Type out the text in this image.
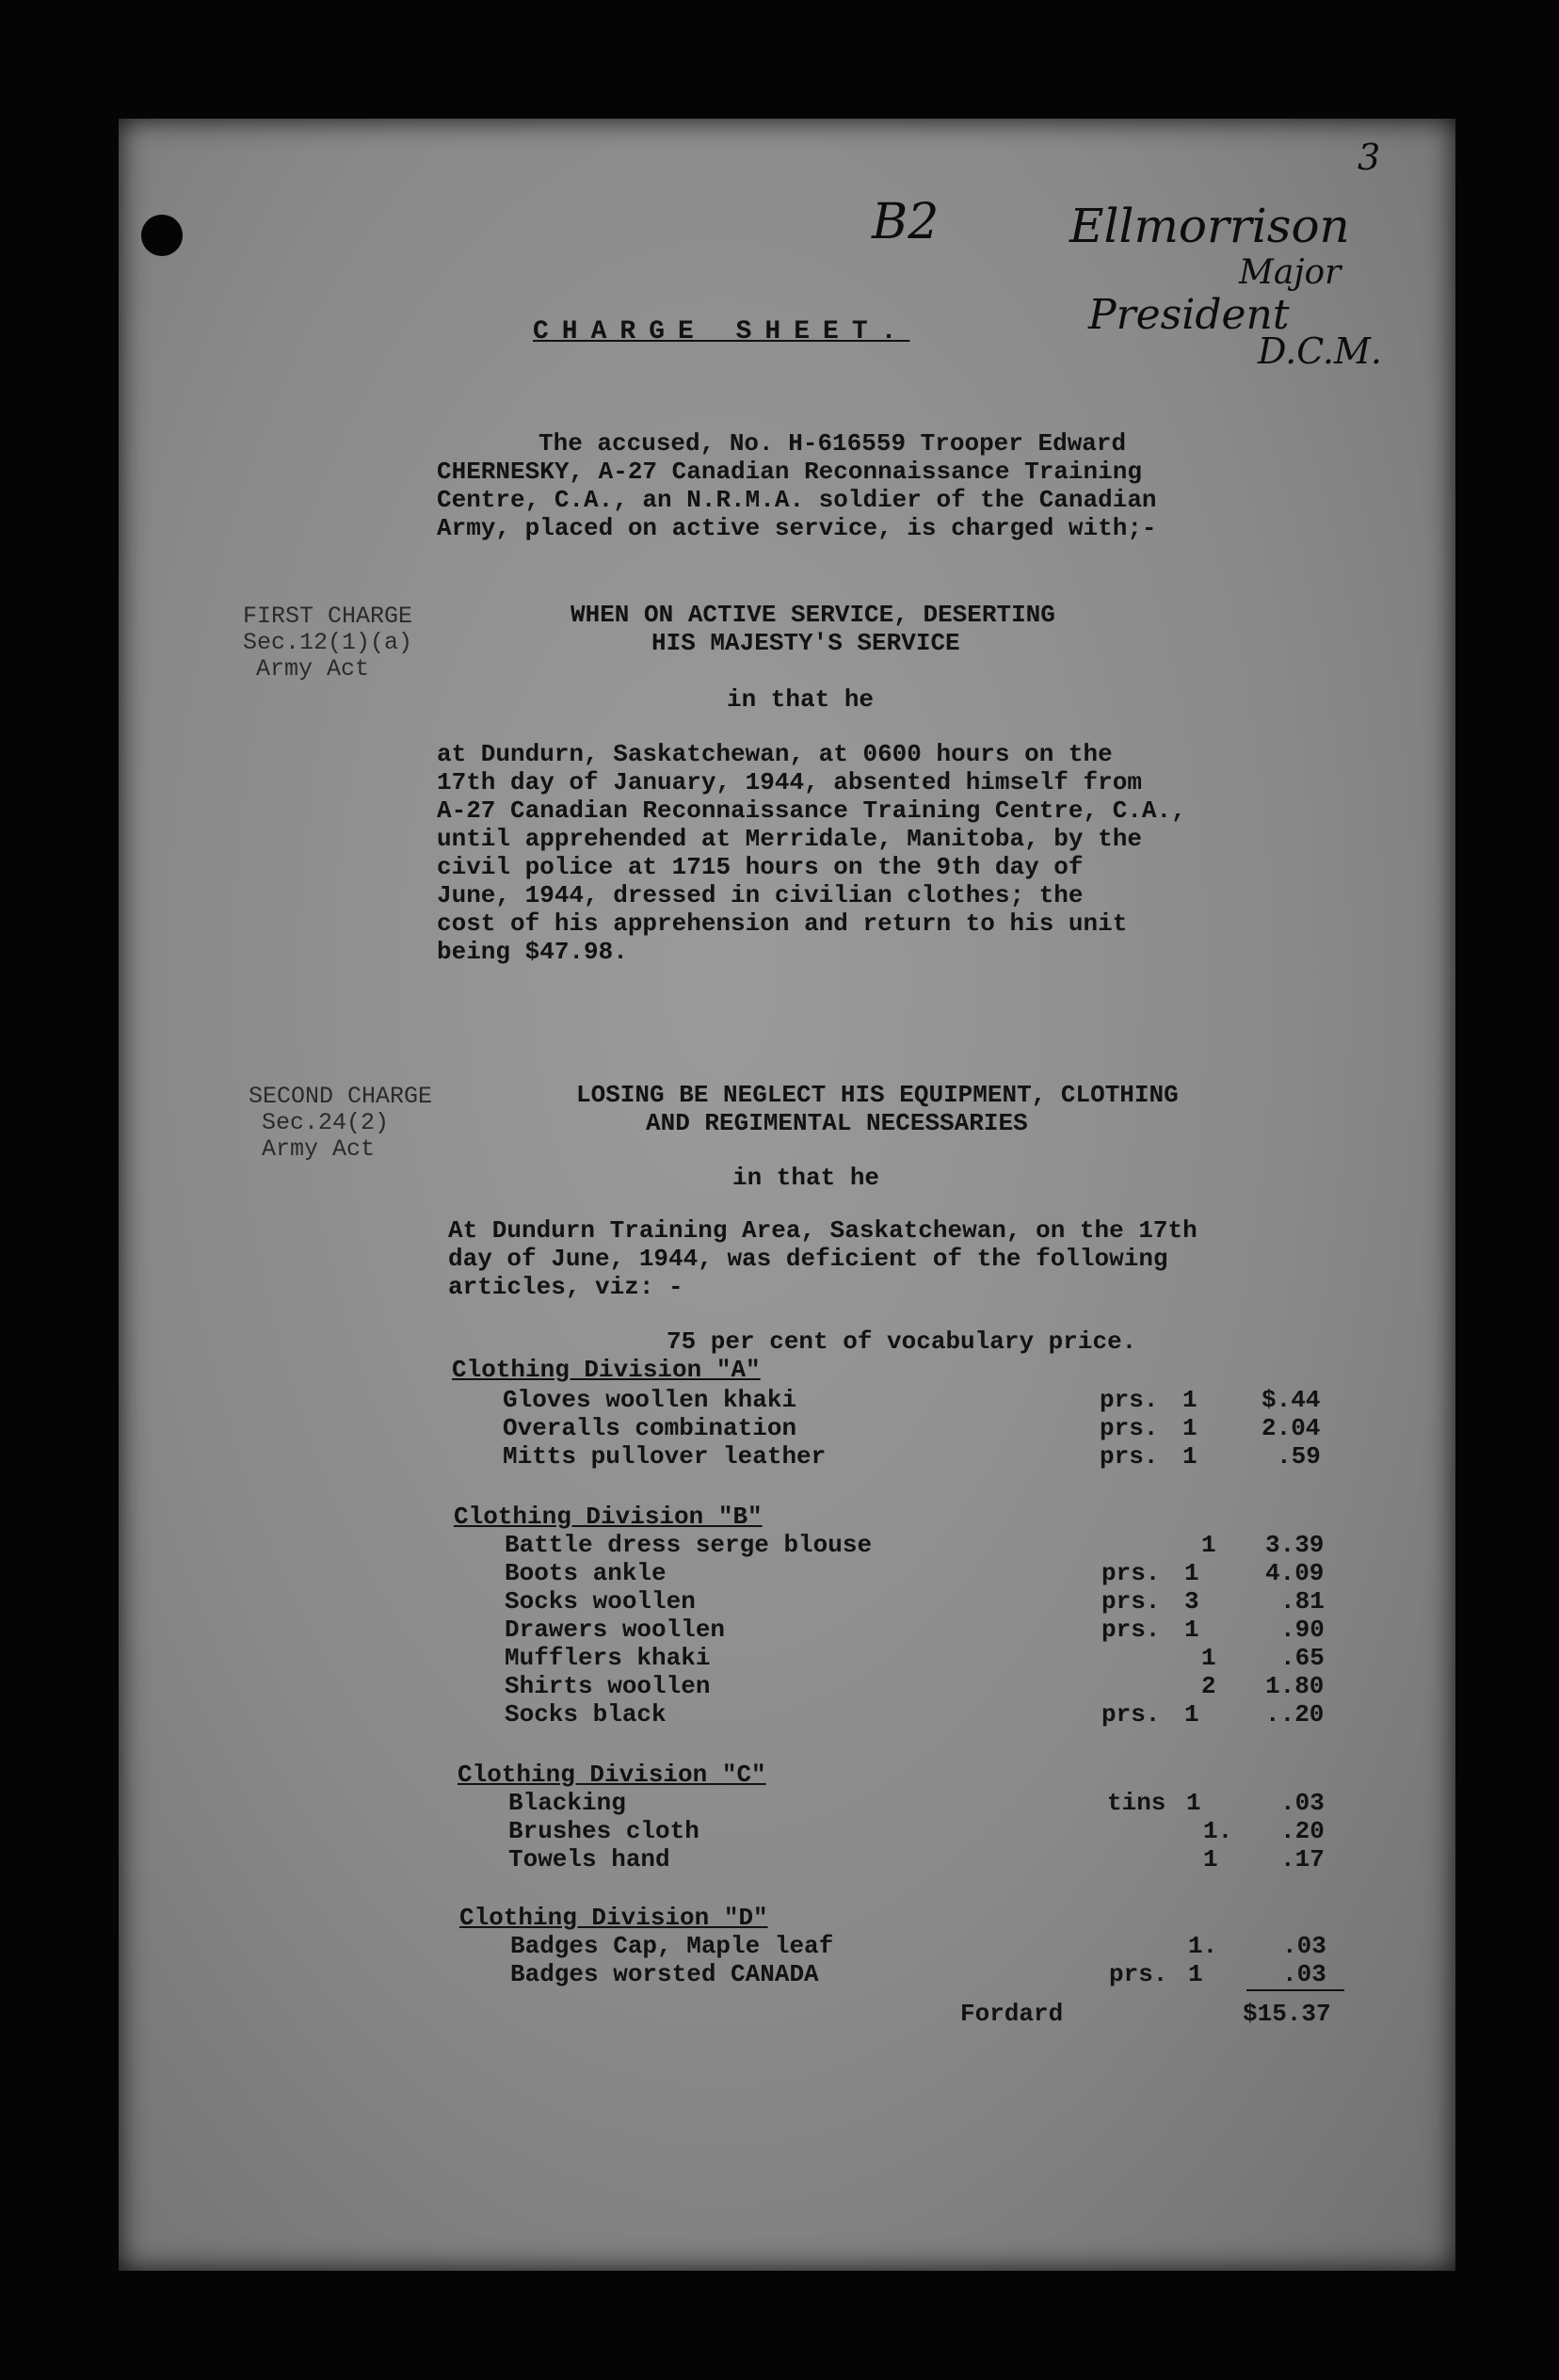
3
B2	Ellmorrison
Major
President
D.C.M.
CHARGE SHEET.
The accused, No. H-616559 Trooper Edward
CHERNESKY, A-27 Canadian Reconnaissance Training
Centre, C.A., an N.R.M.A. soldier of the Canadian
Army, placed on active service, is charged with;-
FIRST CHARGE
Sec.12(1)(a)
Army Act
WHEN ON ACTIVE SERVICE, DESERTING
HIS MAJESTY'S SERVICE
in that he
at Dundurn, Saskatchewan, at 0600 hours on the
17th day of January, 1944, absented himself from
A-27 Canadian Reconnaissance Training Centre, C.A.,
until apprehended at Merridale, Manitoba, by the
civil police at 1715 hours on the 9th day of
June, 1944, dressed in civilian clothes; the
cost of his apprehension and return to his unit
being $47.98.
SECOND CHARGE
Sec.24(2)
Army Act
LOSING BE NEGLECT HIS EQUIPMENT, CLOTHING
AND REGIMENTAL NECESSARIES
in that he
At Dundurn Training Area, Saskatchewan, on the 17th
day of June, 1944, was deficient of the following
articles, viz: -
75 per cent of vocabulary price.
Clothing Division "A"
Gloves woollen khaki	prs. 1	$.44
Overalls combination	prs. 1	2.04
Mitts pullover leather	prs. 1	.59
Clothing Division "B"
Battle dress serge blouse	1 3.39
Boots ankle	prs. 1	4.09
Socks woollen	prs. 3	.81
Drawers woollen	prs. 1	.90
Mufflers khaki	1	.65
Shirts woollen	2 1.80
Socks black	prs. 1	..20
Clothing Division "C"
Blacking	tins 1	.03
Brushes cloth	1. .20
Towels hand	1	.17
Clothing Division "D"
Badges Cap, Maple leaf	1.	.03
Badges worsted CANADA	prs. 1	.03
Fordard	$15.37
